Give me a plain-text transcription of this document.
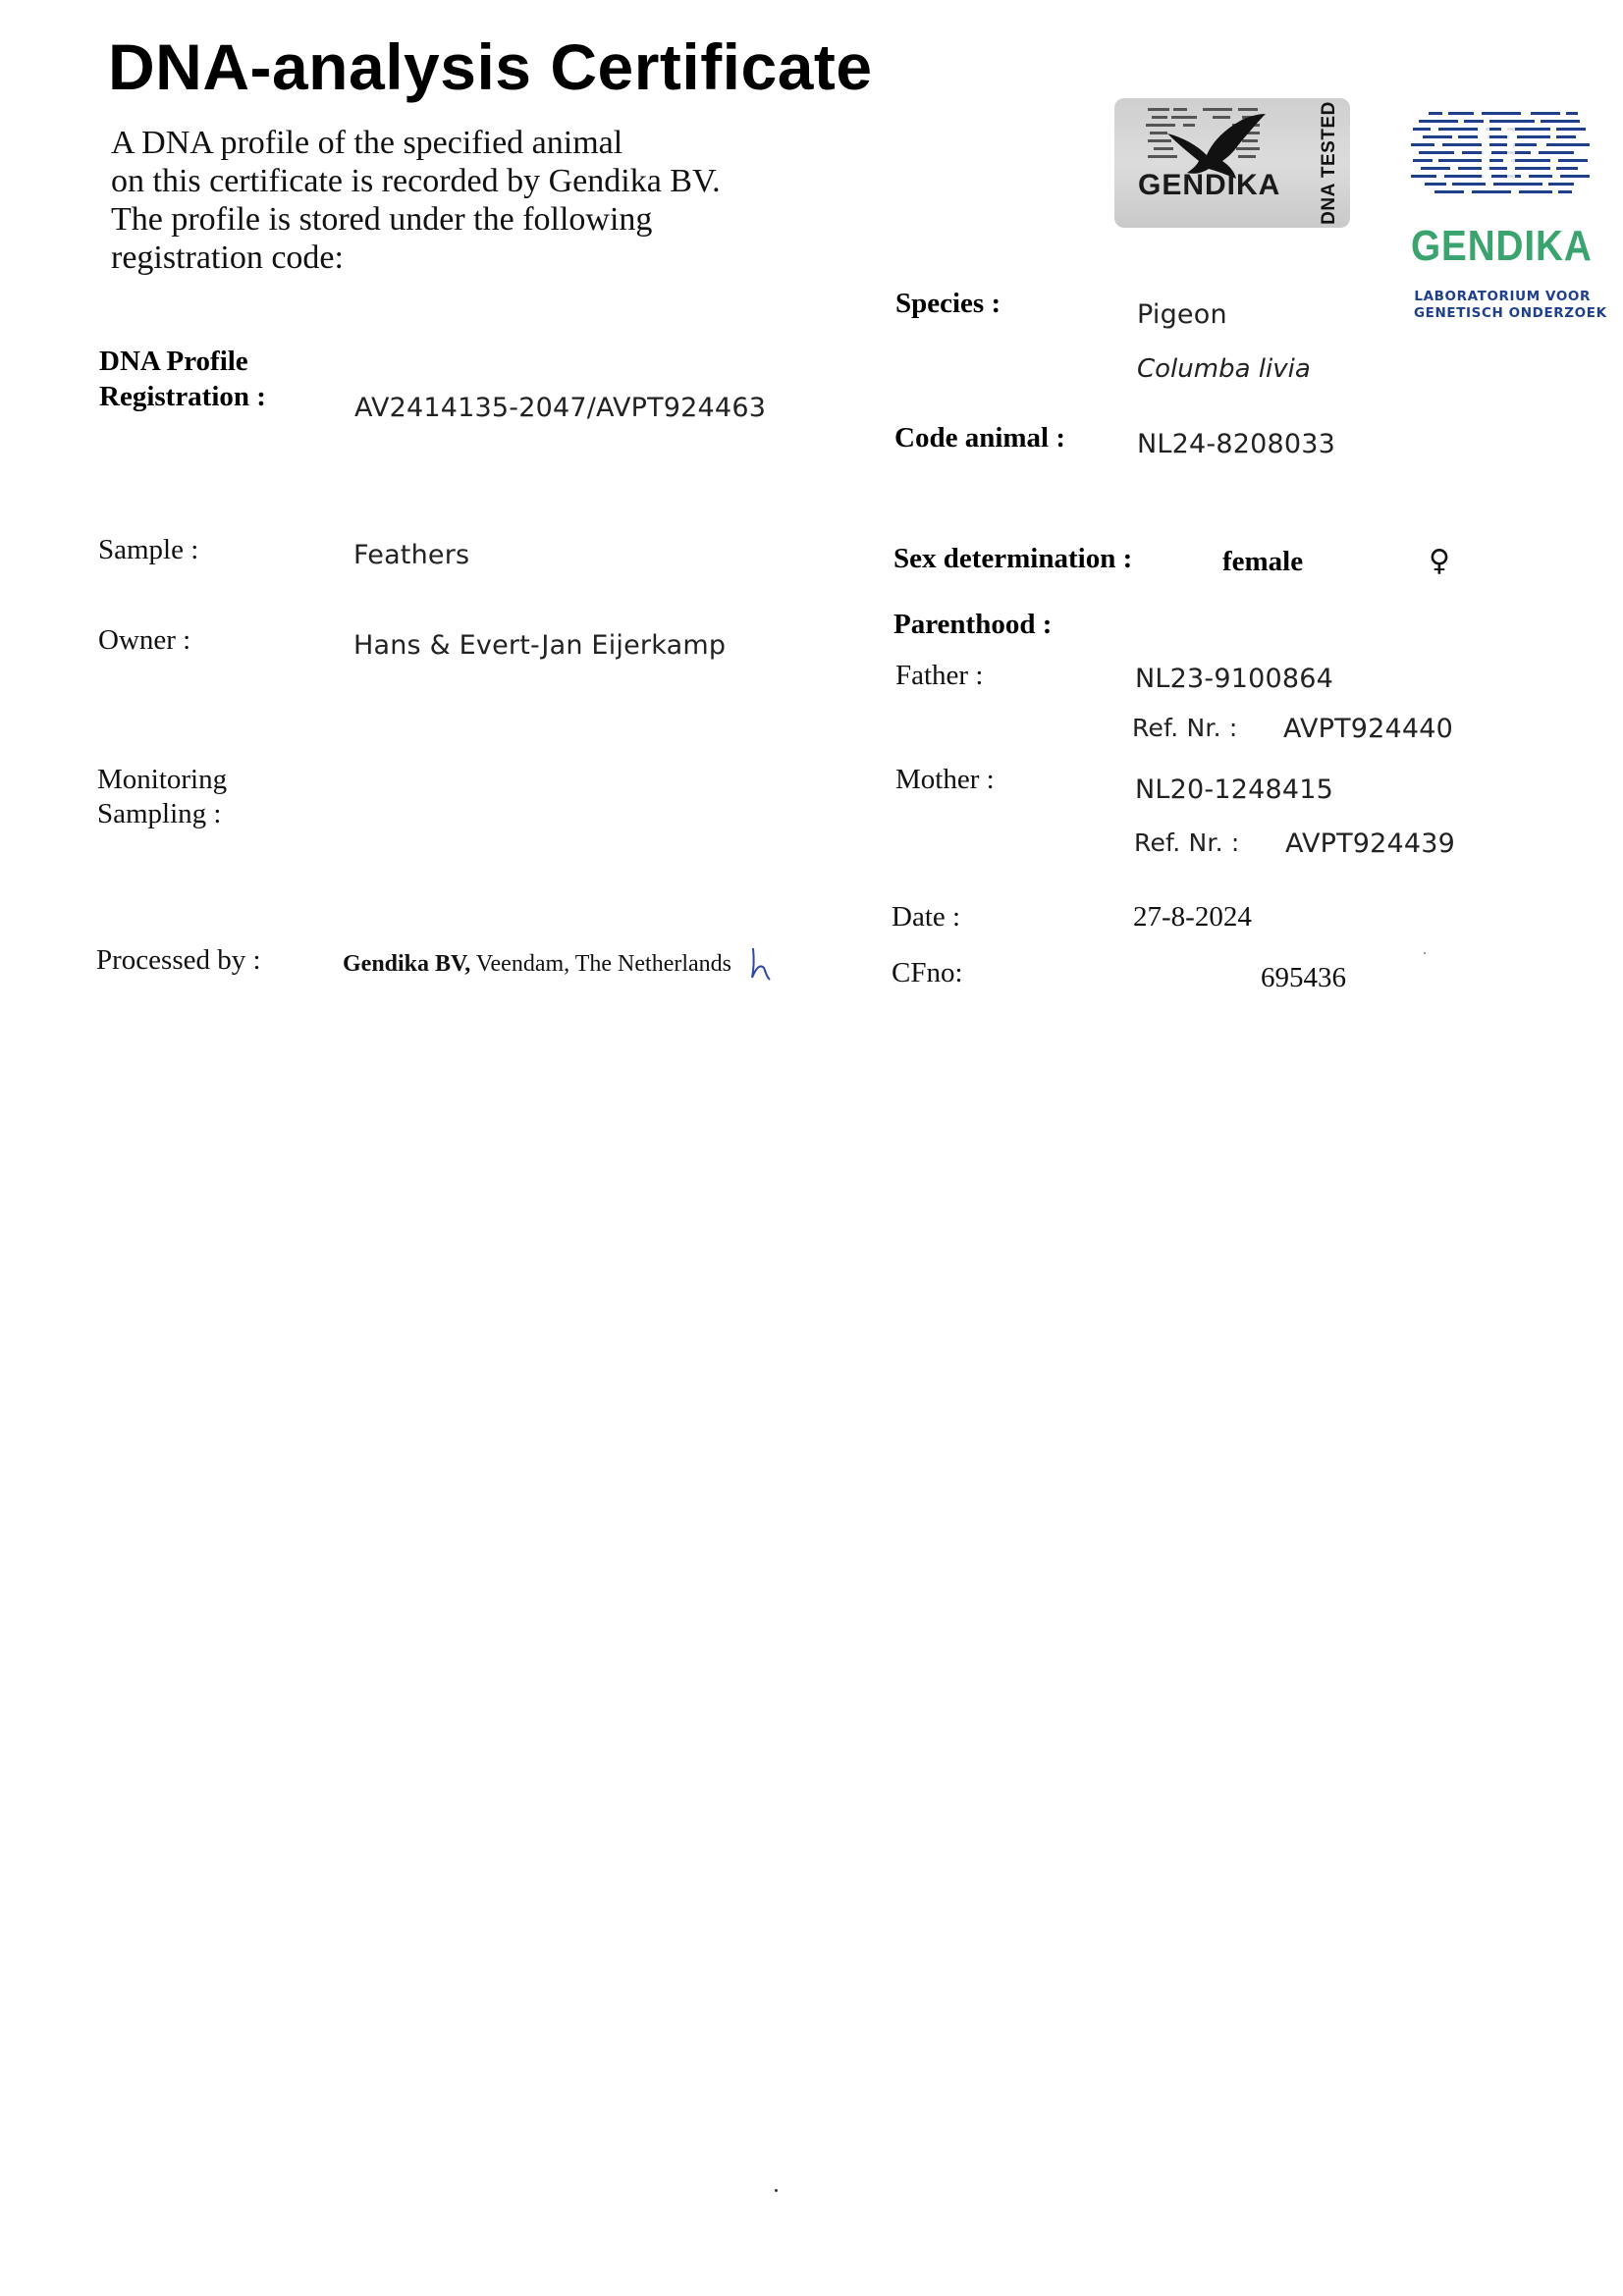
DNA-analysis Certificate
A DNA profile of the specified animal
on this certificate is recorded by Gendika BV.
The profile is stored under the following
registration code:
GENDIKA DNA TESTED
GENDIKA
LABORATORIUM VOOR
GENETISCH ONDERZOEK
DNA Profile
Registration :	AV2414135-2047/AVPT924463
Sample :	Feathers
Owner :	Hans & Evert-Jan Eijerkamp
Monitoring
Sampling :
Processed by :	Gendika BV, Veendam, The Netherlands
Species :	Pigeon
Columba livia
Code animal :	NL24-8208033
Sex determination :	female	♀
Parenthood :
Father :	NL23-9100864
Ref. Nr. : AVPT924440
Mother :	NL20-1248415
Ref. Nr. : AVPT924439
Date :	27-8-2024
CFno:	695436
